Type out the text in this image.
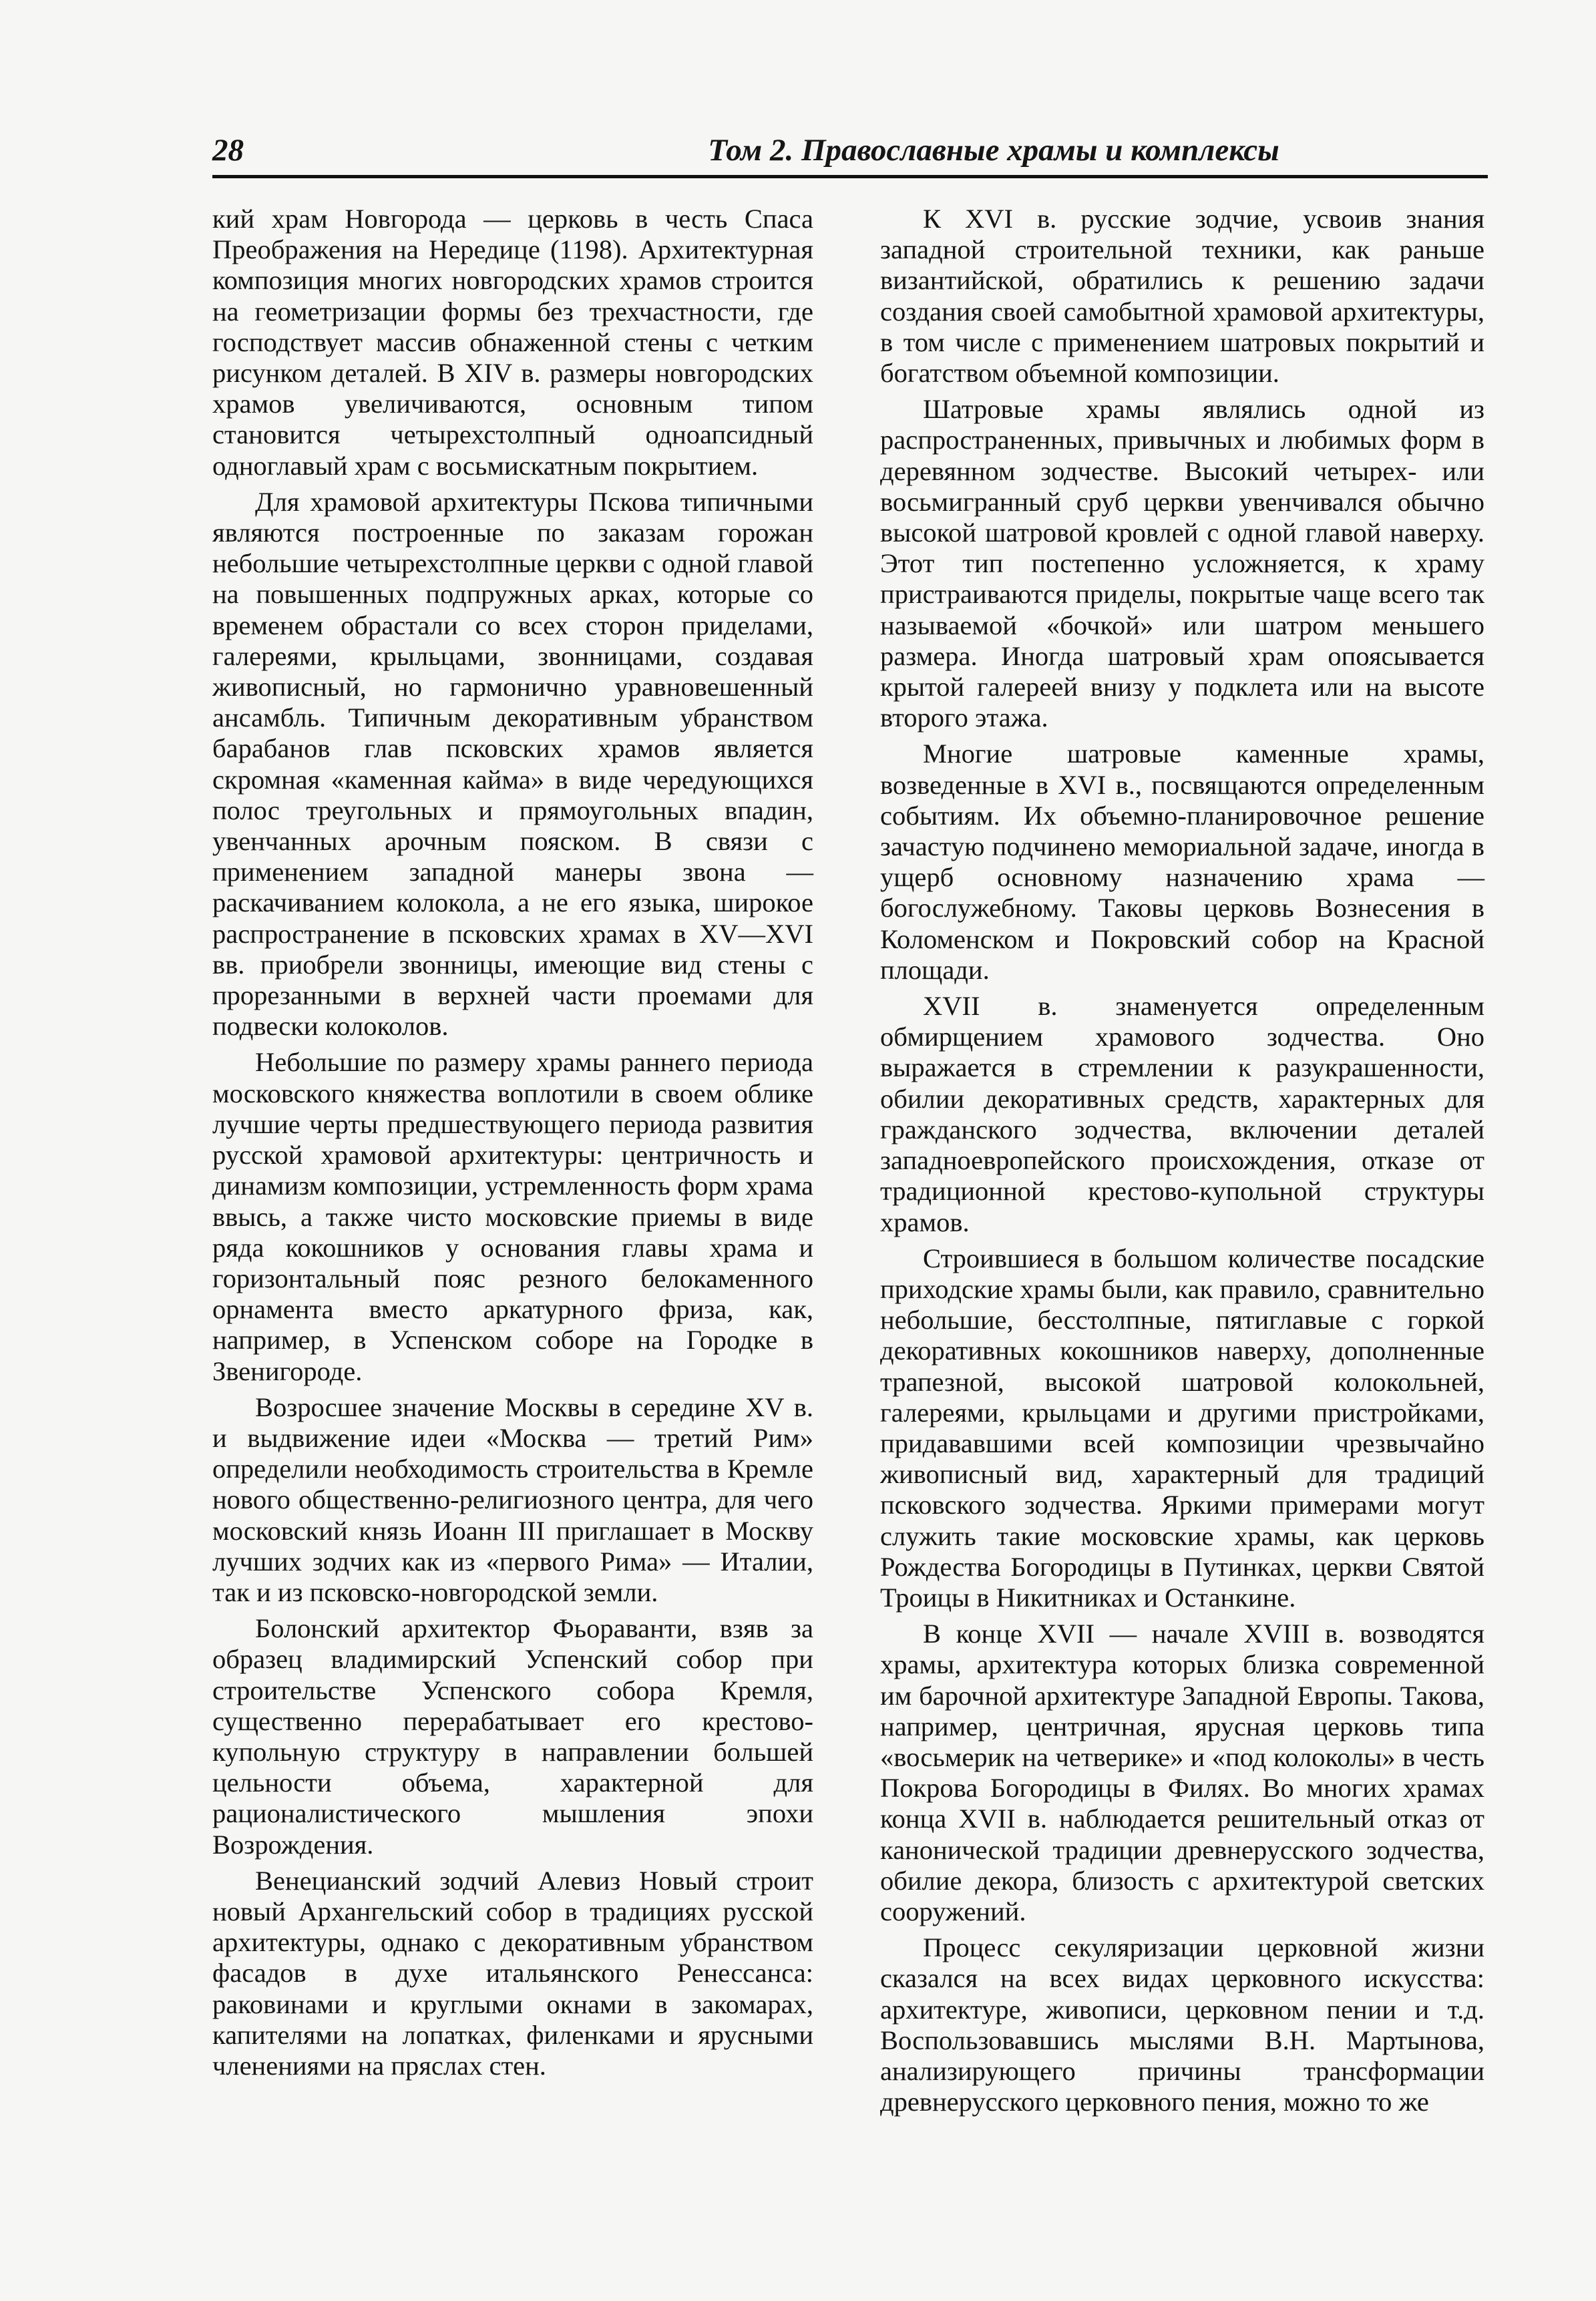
28	Том 2. Православные храмы и комплексы

кий храм Новгорода — церковь в честь Спаса Преображения на Нередице (1198). Архитектурная композиция многих новгородских храмов строится на геометризации формы без трехчастности, где господствует массив обнаженной стены с четким рисунком деталей. В XIV в. размеры новгородских храмов увеличиваются, основным типом становится четырехстолпный одноапсидный одноглавый храм с восьмискатным покрытием.

Для храмовой архитектуры Пскова типичными являются построенные по заказам горожан небольшие четырехстолпные церкви с одной главой на повышенных подпружных арках, которые со временем обрастали со всех сторон приделами, галереями, крыльцами, звонницами, создавая живописный, но гармонично уравновешенный ансамбль. Типичным декоративным убранством барабанов глав псковских храмов является скромная «каменная кайма» в виде чередующихся полос треугольных и прямоугольных впадин, увенчанных арочным пояском. В связи с применением западной манеры звона — раскачиванием колокола, а не его языка, широкое распространение в псковских храмах в XV—XVI вв. приобрели звонницы, имеющие вид стены с прорезанными в верхней части проемами для подвески колоколов.

Небольшие по размеру храмы раннего периода московского княжества воплотили в своем облике лучшие черты предшествующего периода развития русской храмовой архитектуры: центричность и динамизм композиции, устремленность форм храма ввысь, а также чисто московские приемы в виде ряда кокошников у основания главы храма и горизонтальный пояс резного белокаменного орнамента вместо аркатурного фриза, как, например, в Успенском соборе на Городке в Звенигороде.

Возросшее значение Москвы в середине XV в. и выдвижение идеи «Москва — третий Рим» определили необходимость строительства в Кремле нового общественно-религиозного центра, для чего московский князь Иоанн III приглашает в Москву лучших зодчих как из «первого Рима» — Италии, так и из псковско-новгородской земли.

Болонский архитектор Фьораванти, взяв за образец владимирский Успенский собор при строительстве Успенского собора Кремля, существенно перерабатывает его крестово-купольную структуру в направлении большей цельности объема, характерной для рационалистического мышления эпохи Возрождения.

Венецианский зодчий Алевиз Новый строит новый Архангельский собор в традициях русской архитектуры, однако с декоративным убранством фасадов в духе итальянского Ренессанса: раковинами и круглыми окнами в закомарах, капителями на лопатках, филенками и ярусными членениями на пряслах стен.

К XVI в. русские зодчие, усвоив знания западной строительной техники, как раньше византийской, обратились к решению задачи создания своей самобытной храмовой архитектуры, в том числе с применением шатровых покрытий и богатством объемной композиции.

Шатровые храмы являлись одной из распространенных, привычных и любимых форм в деревянном зодчестве. Высокий четырех- или восьмигранный сруб церкви увенчивался обычно высокой шатровой кровлей с одной главой наверху. Этот тип постепенно усложняется, к храму пристраиваются приделы, покрытые чаще всего так называемой «бочкой» или шатром меньшего размера. Иногда шатровый храм опоясывается крытой галереей внизу у подклета или на высоте второго этажа.

Многие шатровые каменные храмы, возведенные в XVI в., посвящаются определенным событиям. Их объемно-планировочное решение зачастую подчинено мемориальной задаче, иногда в ущерб основному назначению храма — богослужебному. Таковы церковь Вознесения в Коломенском и Покровский собор на Красной площади.

XVII в. знаменуется определенным обмирщением храмового зодчества. Оно выражается в стремлении к разукрашенности, обилии декоративных средств, характерных для гражданского зодчества, включении деталей западноевропейского происхождения, отказе от традиционной крестово-купольной структуры храмов.

Строившиеся в большом количестве посадские приходские храмы были, как правило, сравнительно небольшие, бесстолпные, пятиглавые с горкой декоративных кокошников наверху, дополненные трапезной, высокой шатровой колокольней, галереями, крыльцами и другими пристройками, придававшими всей композиции чрезвычайно живописный вид, характерный для традиций псковского зодчества. Яркими примерами могут служить такие московские храмы, как церковь Рождества Богородицы в Путинках, церкви Святой Троицы в Никитниках и Останкине.

В конце XVII — начале XVIII в. возводятся храмы, архитектура которых близка современной им барочной архитектуре Западной Европы. Такова, например, центричная, ярусная церковь типа «восьмерик на четверике» и «под колоколы» в честь Покрова Богородицы в Филях. Во многих храмах конца XVII в. наблюдается решительный отказ от канонической традиции древнерусского зодчества, обилие декора, близость с архитектурой светских сооружений.

Процесс секуляризации церковной жизни сказался на всех видах церковного искусства: архитектуре, живописи, церковном пении и т.д. Воспользовавшись мыслями В.Н. Мартынова, анализирующего причины трансформации древнерусского церковного пения, можно то же
